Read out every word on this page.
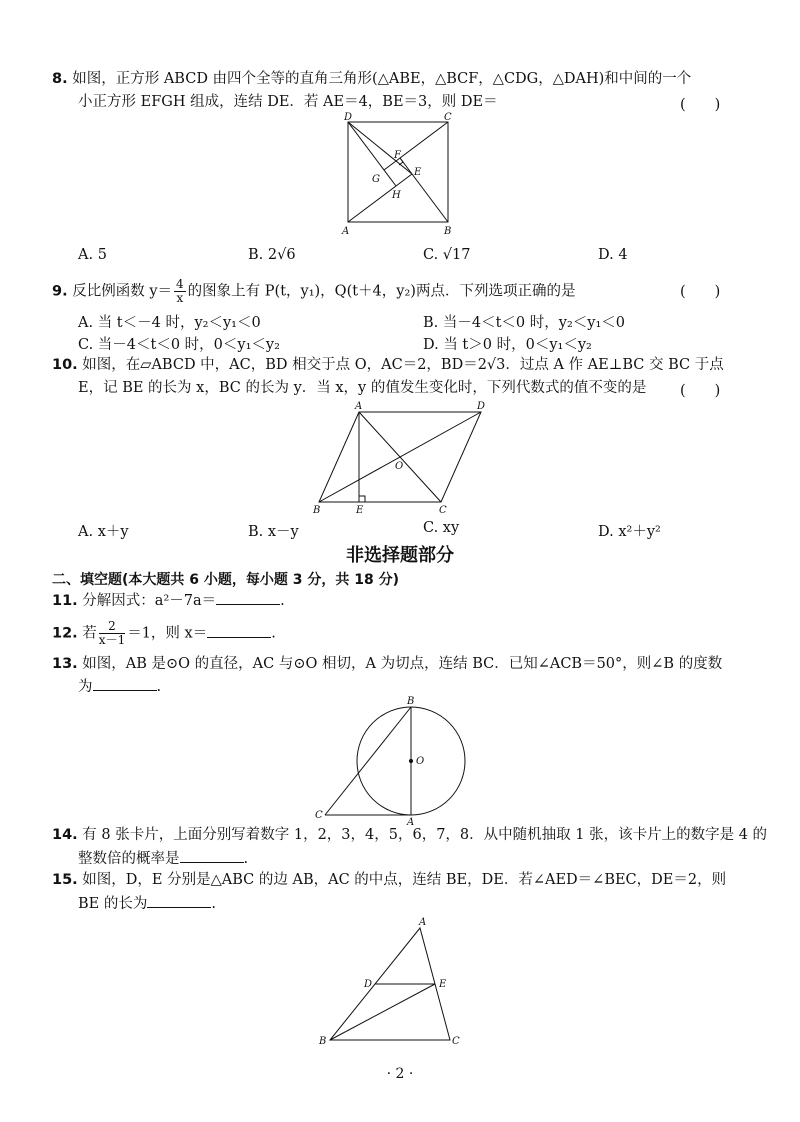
8. 如图，正方形 ABCD 由四个全等的直角三角形(△ABE，△BCF，△CDG，△DAH)和中间的一个
小正方形 EFGH 组成，连结 DE．若 AE＝4，BE＝3，则 DE＝	(　　)
D	C
A	B
F
E
G
H
A. 5	B. 2√6	C. √17	D. 4
9. 反比例函数 $y= \frac{4}{x}$ 的图象上有 P(t，y₁)，Q(t＋4，y₂)两点．下列选项正确的是	(　　)
A. 当 t＜－4 时，y₂＜y₁＜0	B. 当－4＜t＜0 时，y₂＜y₁＜0
C. 当－4＜t＜0 时，0＜y₁＜y₂	D. 当 t＞0 时，0＜y₁＜y₂
10. 如图，在▱ABCD 中，AC，BD 相交于点 O，AC＝2，BD＝2√3．过点 A 作 AE⊥BC 交 BC 于点
E，记 BE 的长为 x，BC 的长为 y．当 x，y 的值发生变化时，下列代数式的值不变的是 (　　)
A	D
B	E	C
O
A. x＋y	B. x－y	C. xy	D. x²＋y²
非选择题部分
二、填空题(本大题共 6 小题，每小题 3 分，共 18 分)
11. 分解因式：a²－7a＝	.
12. 若 $\frac{2}{x-1} =1$，则 x＝	.
13. 如图，AB 是⊙O 的直径，AC 与⊙O 相切，A 为切点，连结 BC．已知∠ACB＝50°，则∠B 的度数
为	.
B
O
C
A
14. 有 8 张卡片，上面分别写着数字 1，2，3，4，5，6，7，8．从中随机抽取 1 张，该卡片上的数字是 4 的
整数倍的概率是	.
15. 如图，D，E 分别是△ABC 的边 AB，AC 的中点，连结 BE，DE．若∠AED＝∠BEC，DE＝2，则
BE 的长为	.
A
D	E
B	C
· 2 ·
